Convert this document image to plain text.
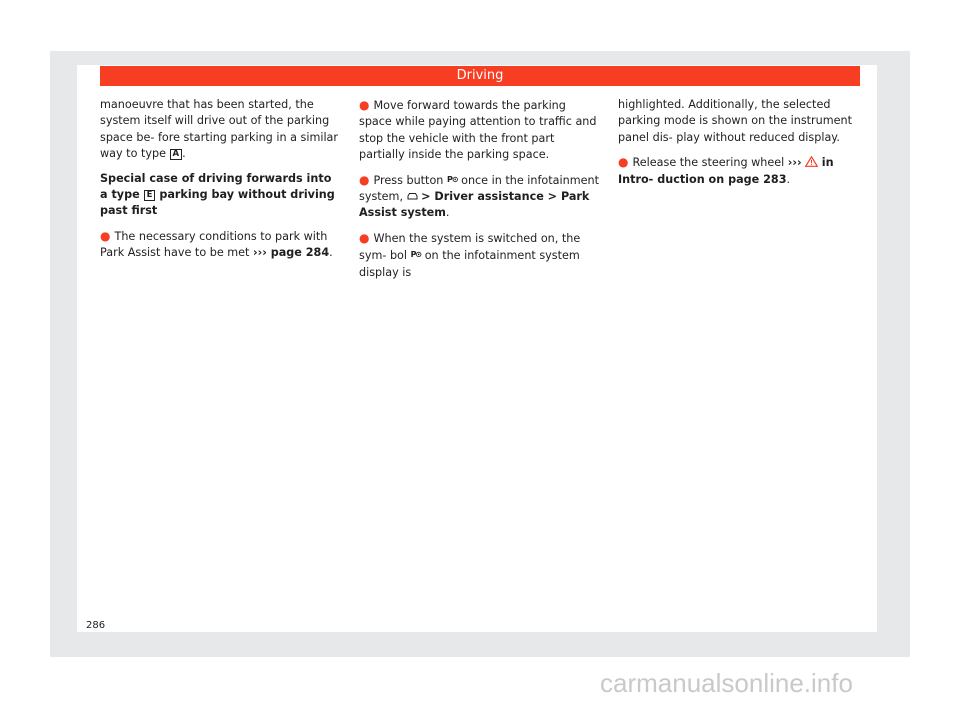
Driving

manoeuvre that has been started, the system itself will drive out of the parking space be- fore starting parking in a similar way to type A .

Special case of driving forwards into a type E parking bay without driving past first

● The necessary conditions to park with Park Assist have to be met ››› page 284.

● Move forward towards the parking space while paying attention to traffic and stop the vehicle with the front part partially inside the parking space.

● Press button P⊙ once in the infotainment system, > Driver assistance > Park Assist system.

● When the system is switched on, the sym- bol P⊙ on the infotainment system display is

highlighted. Additionally, the selected parking mode is shown on the instrument panel dis- play without reduced display.

● Release the steering wheel ››› in Intro- duction on page 283.

286
carmanualsonline.info
